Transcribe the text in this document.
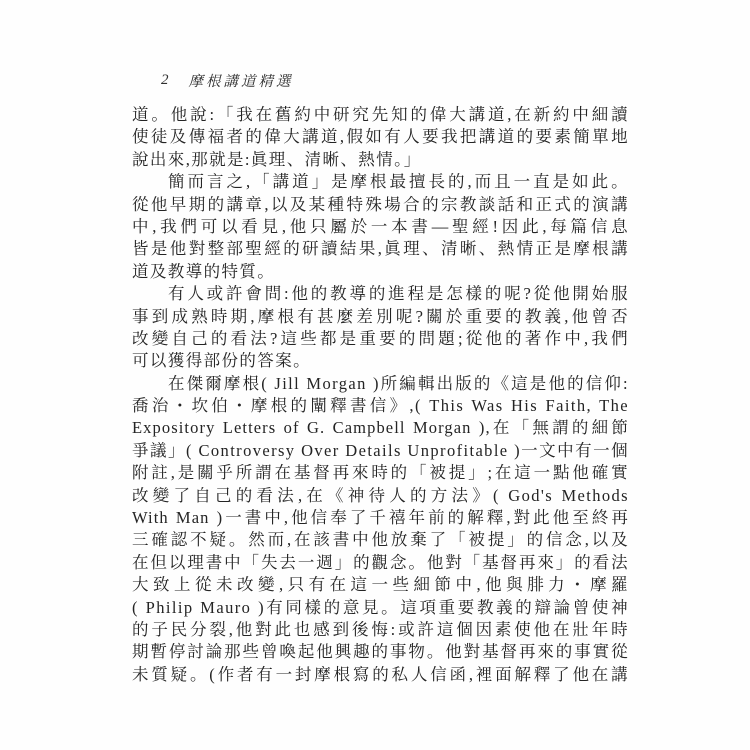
2 摩根講道精選
道。他說:「我在舊約中研究先知的偉大講道,在新約中細讀
使徒及傳福者的偉大講道,假如有人要我把講道的要素簡單地
說出來,那就是:眞理、清晰、熱情。」
簡而言之,「講道」是摩根最擅長的,而且一直是如此。
從他早期的講章,以及某種特殊場合的宗教談話和正式的演講
中,我們可以看見,他只屬於一本書—聖經!因此,每篇信息
皆是他對整部聖經的研讀結果,眞理、清晰、熱情正是摩根講
道及教導的特質。
有人或許會問:他的教導的進程是怎樣的呢?從他開始服
事到成熟時期,摩根有甚麼差別呢?關於重要的教義,他曾否
改變自己的看法?這些都是重要的問題;從他的著作中,我們
可以獲得部份的答案。
在傑爾摩根( Jill Morgan )所編輯出版的《這是他的信仰:
喬治・坎伯・摩根的闡釋書信》,( This Was His Faith, The
Expository Letters of G. Campbell Morgan ),在「無謂的細節
爭議」( Controversy Over Details Unprofitable )一文中有一個
附註,是關乎所謂在基督再來時的「被提」;在這一點他確實
改變了自己的看法,在《神待人的方法》( God's Methods
With Man )一書中,他信奉了千禧年前的解釋,對此他至終再
三確認不疑。然而,在該書中他放棄了「被提」的信念,以及
在但以理書中「失去一週」的觀念。他對「基督再來」的看法
大致上從未改變,只有在這一些細節中,他與腓力・摩羅
( Philip Mauro )有同樣的意見。這項重要教義的辯論曾使神
的子民分裂,他對此也感到後悔:或許這個因素使他在壯年時
期暫停討論那些曾喚起他興趣的事物。他對基督再來的事實從
未質疑。(作者有一封摩根寫的私人信函,裡面解釋了他在講
